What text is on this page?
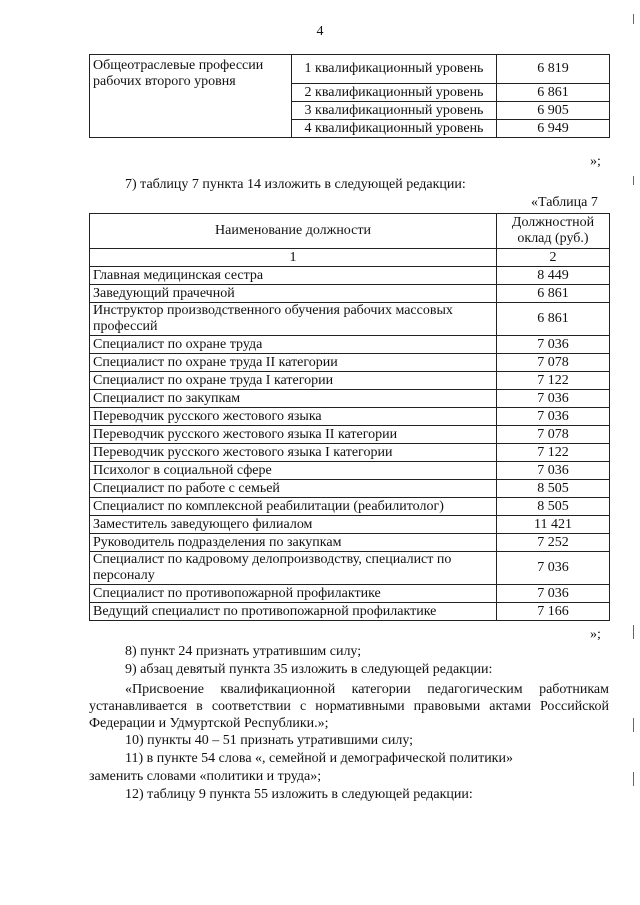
4
Общеотраслевые профессии рабочих второго уровня	1 квалификационный уровень	6 819
	2 квалификационный уровень	6 861
	3 квалификационный уровень	6 905
	4 квалификационный уровень	6 949
»;
7) таблицу 7 пункта 14 изложить в следующей редакции:
«Таблица 7
Наименование должности	Должностной оклад (руб.)
1	2
Главная медицинская сестра	8 449
Заведующий прачечной	6 861
Инструктор производственного обучения рабочих массовых профессий	6 861
Специалист по охране труда	7 036
Специалист по охране труда II категории	7 078
Специалист по охране труда I категории	7 122
Специалист по закупкам	7 036
Переводчик русского жестового языка	7 036
Переводчик русского жестового языка II категории	7 078
Переводчик русского жестового языка I категории	7 122
Психолог в социальной сфере	7 036
Специалист по работе с семьей	8 505
Специалист по комплексной реабилитации (реабилитолог)	8 505
Заместитель заведующего филиалом	11 421
Руководитель подразделения по закупкам	7 252
Специалист по кадровому делопроизводству, специалист по персоналу	7 036
Специалист по противопожарной профилактике	7 036
Ведущий специалист по противопожарной профилактике	7 166
»;
8) пункт 24 признать утратившим силу;
9) абзац девятый пункта 35 изложить в следующей редакции:
«Присвоение квалификационной категории педагогическим работникам устанавливается в соответствии с нормативными правовыми актами Российской Федерации и Удмуртской Республики.»;
10) пункты 40 – 51 признать утратившими силу;
11) в пункте 54 слова «, семейной и демографической политики»
заменить словами «политики и труда»;
12) таблицу 9 пункта 55 изложить в следующей редакции:
